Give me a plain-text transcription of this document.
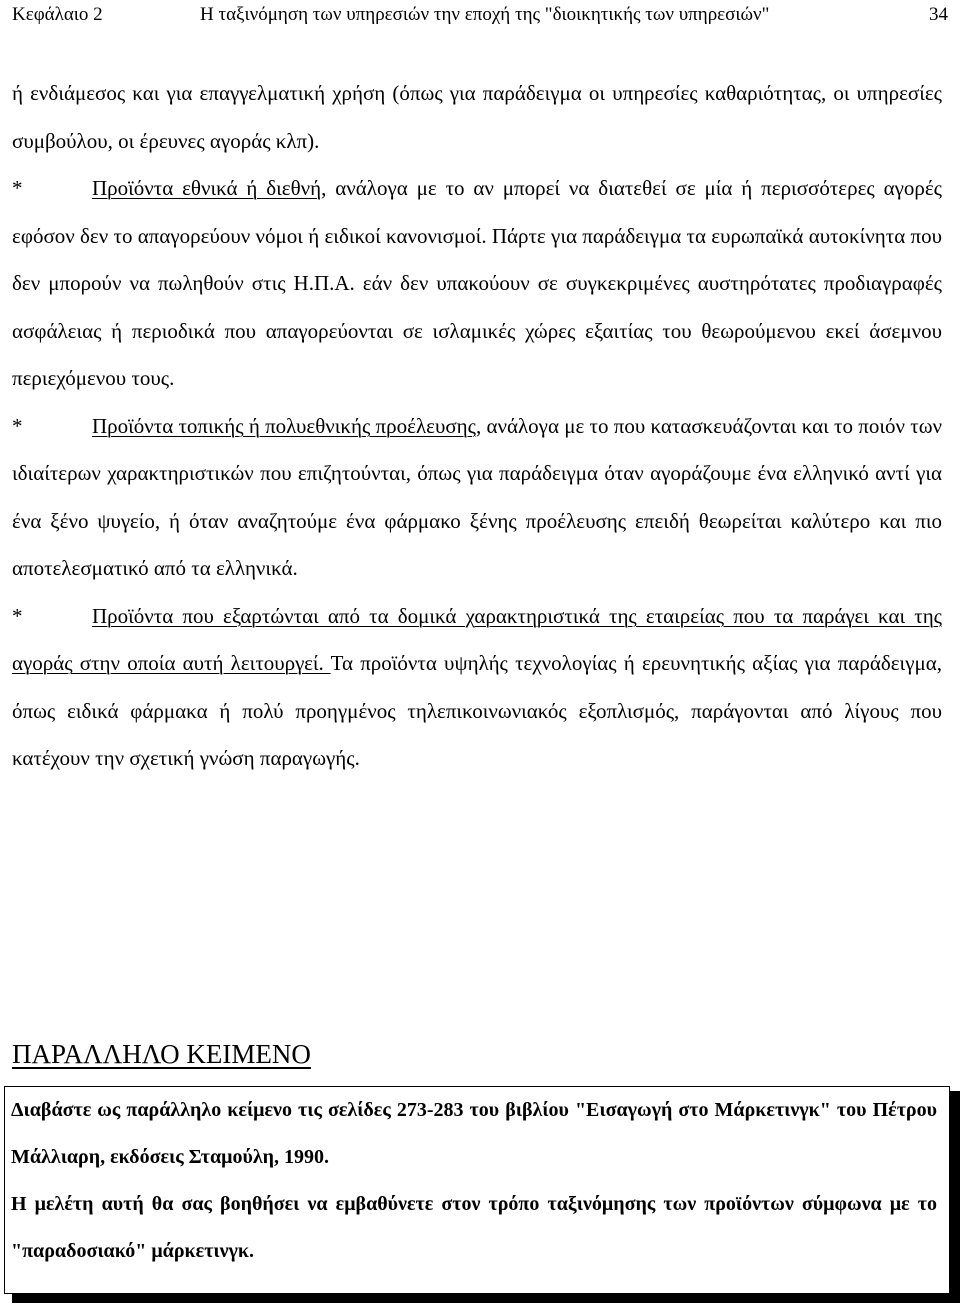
Κεφάλαιο 2	Η ταξινόμηση των υπηρεσιών την εποχή της "διοικητικής των υπηρεσιών"	34

ή ενδιάμεσος και για επαγγελματική χρήση (όπως για παράδειγμα οι υπηρεσίες καθαριότητας, οι υπηρεσίες συμβούλου, οι έρευνες αγοράς κλπ).

*	Προϊόντα εθνικά ή διεθνή, ανάλογα με το αν μπορεί να διατεθεί σε μία ή περισσότερες αγορές εφόσον δεν το απαγορεύουν νόμοι ή ειδικοί κανονισμοί. Πάρτε για παράδειγμα τα ευρωπαϊκά αυτοκίνητα που δεν μπορούν να πωληθούν στις Η.Π.Α. εάν δεν υπακούουν σε συγκεκριμένες αυστηρότατες προδιαγραφές ασφάλειας ή περιοδικά που απαγορεύονται σε ισλαμικές χώρες εξαιτίας του θεωρούμενου εκεί άσεμνου περιεχόμενου τους.

*	Προϊόντα τοπικής ή πολυεθνικής προέλευσης, ανάλογα με το που κατασκευάζονται και το ποιόν των ιδιαίτερων χαρακτηριστικών που επιζητούνται, όπως για παράδειγμα όταν αγοράζουμε ένα ελληνικό αντί για ένα ξένο ψυγείο, ή όταν αναζητούμε ένα φάρμακο ξένης προέλευσης επειδή θεωρείται καλύτερο και πιο αποτελεσματικό από τα ελληνικά.

*	Προϊόντα που εξαρτώνται από τα δομικά χαρακτηριστικά της εταιρείας που τα παράγει και της αγοράς στην οποία αυτή λειτουργεί. Τα προϊόντα υψηλής τεχνολογίας ή ερευνητικής αξίας για παράδειγμα, όπως ειδικά φάρμακα ή πολύ προηγμένος τηλεπικοινωνιακός εξοπλισμός, παράγονται από λίγους που κατέχουν την σχετική γνώση παραγωγής.

ΠΑΡΑΛΛΗΛΟ ΚΕΙΜΕΝΟ

Διαβάστε ως παράλληλο κείμενο τις σελίδες 273-283 του βιβλίου "Εισαγωγή στο Μάρκετινγκ" του Πέτρου Μάλλιαρη, εκδόσεις Σταμούλη, 1990.

Η μελέτη αυτή θα σας βοηθήσει να εμβαθύνετε στον τρόπο ταξινόμησης των προϊόντων σύμφωνα με το "παραδοσιακό" μάρκετινγκ.
